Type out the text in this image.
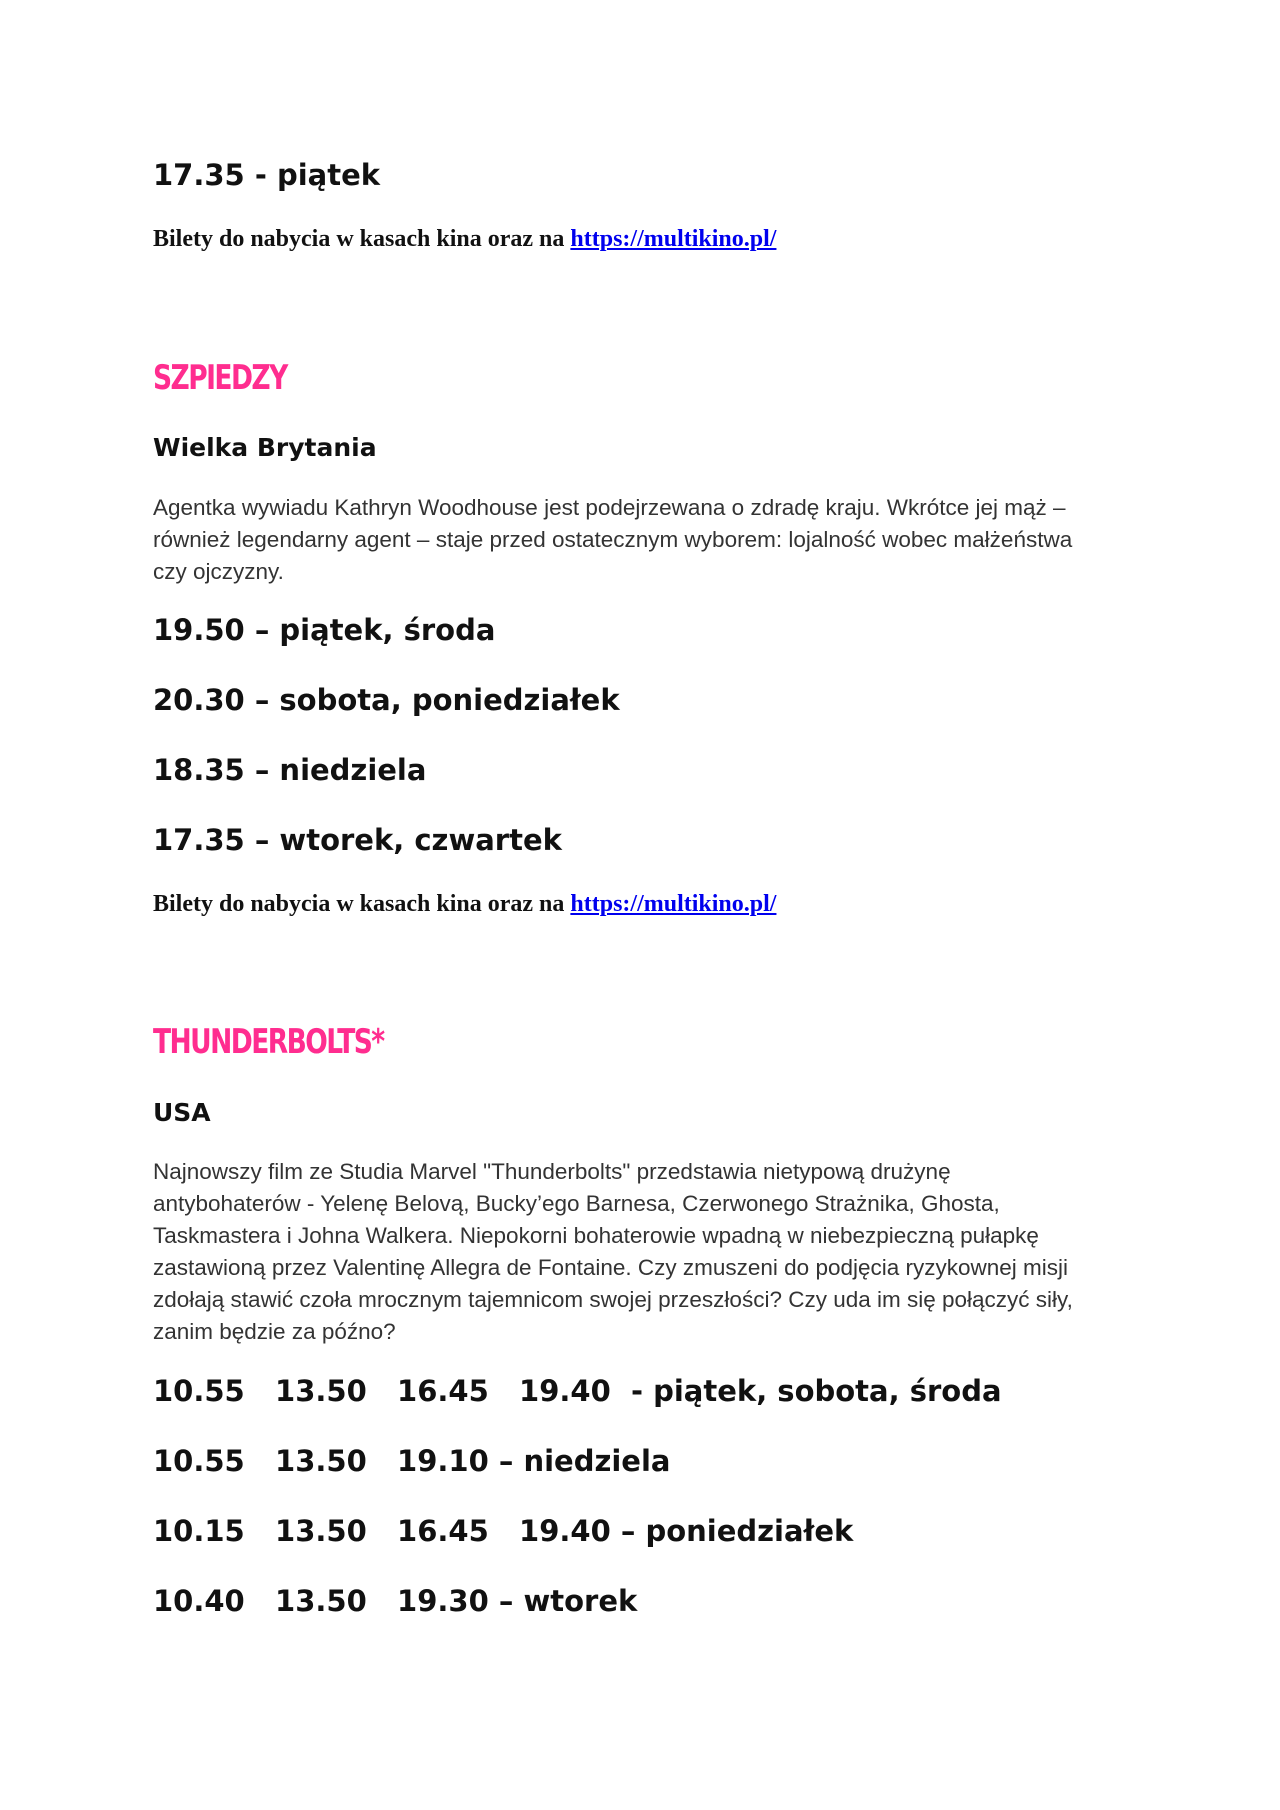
17.35 - piątek

Bilety do nabycia w kasach kina oraz na https://multikino.pl/

SZPIEDZY

Wielka Brytania

Agentka wywiadu Kathryn Woodhouse jest podejrzewana o zdradę kraju. Wkrótce jej mąż –

również legendarny agent – staje przed ostatecznym wyborem: lojalność wobec małżeństwa

czy ojczyzny.

19.50 – piątek, środa

20.30 – sobota, poniedziałek

18.35 – niedziela

17.35 – wtorek, czwartek

Bilety do nabycia w kasach kina oraz na https://multikino.pl/

THUNDERBOLTS*

USA

Najnowszy film ze Studia Marvel "Thunderbolts" przedstawia nietypową drużynę

antybohaterów - Yelenę Belovą, Bucky’ego Barnesa, Czerwonego Strażnika, Ghosta,

Taskmastera i Johna Walkera. Niepokorni bohaterowie wpadną w niebezpieczną pułapkę

zastawioną przez Valentinę Allegra de Fontaine. Czy zmuszeni do podjęcia ryzykownej misji

zdołają stawić czoła mrocznym tajemnicom swojej przeszłości? Czy uda im się połączyć siły,

zanim będzie za późno?

10.55   13.50   16.45   19.40  - piątek, sobota, środa

10.55   13.50   19.10 – niedziela

10.15   13.50   16.45   19.40 – poniedziałek

10.40   13.50   19.30 – wtorek
